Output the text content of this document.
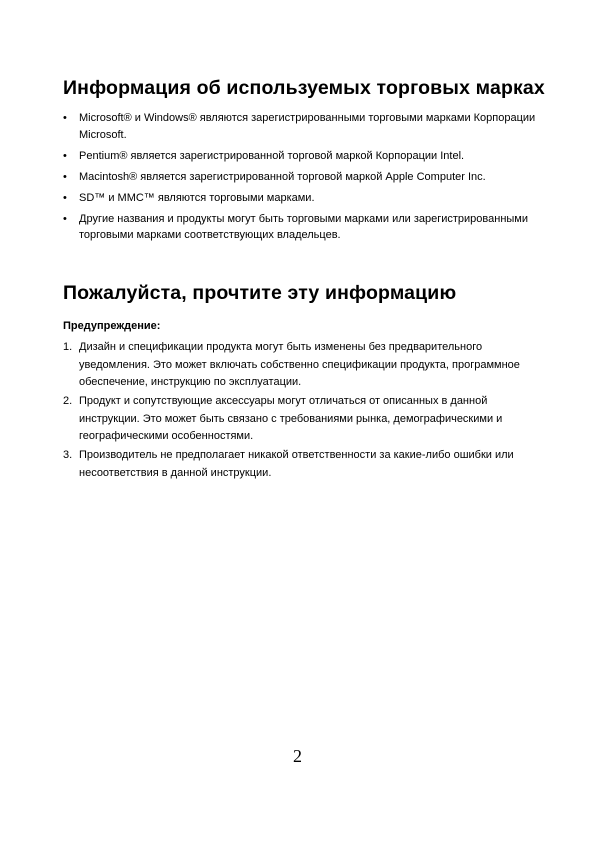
Информация об используемых торговых марках
• Microsoft® и Windows® являются зарегистрированными торговыми марками Корпорации Microsoft.
• Pentium® является зарегистрированной торговой маркой Корпорации Intel.
• Macintosh® является зарегистрированной торговой маркой Apple Computer Inc.
• SD™ и MMC™ являются торговыми марками.
• Другие названия и продукты могут быть торговыми марками или зарегистрированными торговыми марками соответствующих владельцев.
Пожалуйста, прочтите эту информацию
Предупреждение:
1. Дизайн и спецификации продукта могут быть изменены без предварительного уведомления. Это может включать собственно спецификации продукта, программное обеспечение, инструкцию по эксплуатации.
2. Продукт и сопутствующие аксессуары могут отличаться от описанных в данной инструкции. Это может быть связано с требованиями рынка, демографическими и географическими особенностями.
3. Производитель не предполагает никакой ответственности за какие-либо ошибки или несоответствия в данной инструкции.
2
